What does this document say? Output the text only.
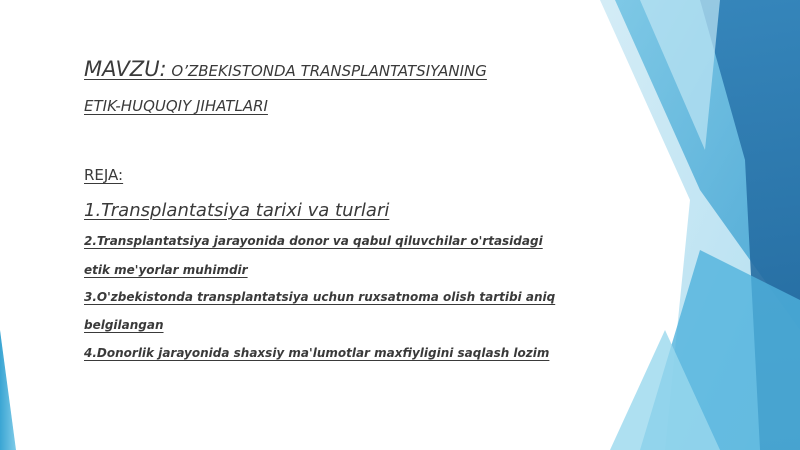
MAVZU: O’ZBEKISTONDA TRANSPLANTATSIYANING
ETIK-HUQUQIY JIHATLARI
REJA:
1.Transplantatsiya tarixi va turlari
2.Transplantatsiya jarayonida donor va qabul qiluvchilar o'rtasidagi
etik me'yorlar muhimdir
3.O'zbekistonda transplantatsiya uchun ruxsatnoma olish tartibi aniq
belgilangan
4.Donorlik jarayonida shaxsiy ma'lumotlar maxfiyligini saqlash lozim
